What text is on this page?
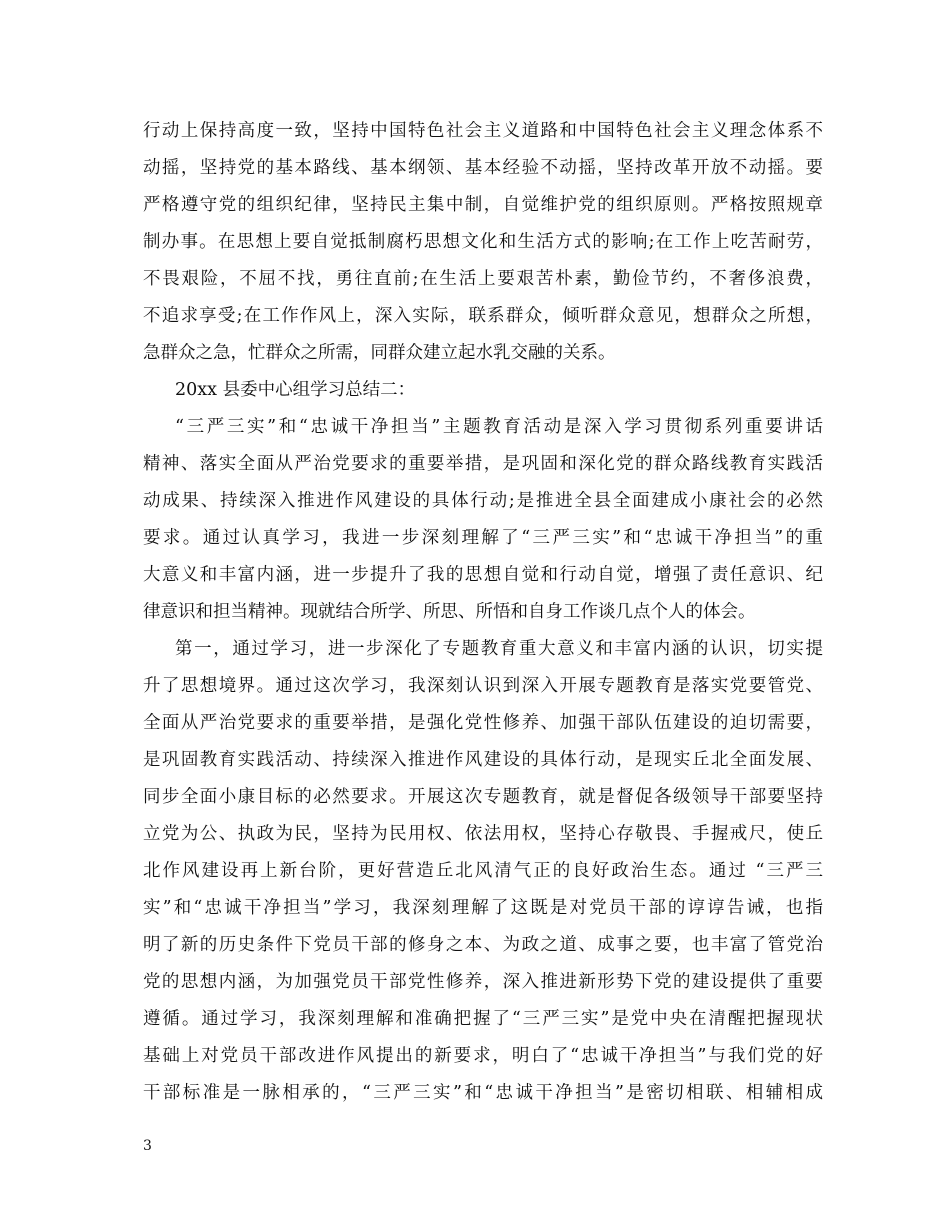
行动上保持高度一致，坚持中国特色社会主义道路和中国特色社会主义理念体系不
动摇，坚持党的基本路线、基本纲领、基本经验不动摇，坚持改革开放不动摇。要
严格遵守党的组织纪律，坚持民主集中制，自觉维护党的组织原则。严格按照规章
制办事。在思想上要自觉抵制腐朽思想文化和生活方式的影响;在工作上吃苦耐劳，
不畏艰险，不屈不找，勇往直前;在生活上要艰苦朴素，勤俭节约，不奢侈浪费，
不追求享受;在工作作风上，深入实际，联系群众，倾听群众意见，想群众之所想，
急群众之急，忙群众之所需，同群众建立起水乳交融的关系。
20xx 县委中心组学习总结二：
“三严三实”和“忠诚干净担当”主题教育活动是深入学习贯彻系列重要讲话
精神、落实全面从严治党要求的重要举措，是巩固和深化党的群众路线教育实践活
动成果、持续深入推进作风建设的具体行动;是推进全县全面建成小康社会的必然
要求。通过认真学习，我进一步深刻理解了“三严三实”和“忠诚干净担当”的重
大意义和丰富内涵，进一步提升了我的思想自觉和行动自觉，增强了责任意识、纪
律意识和担当精神。现就结合所学、所思、所悟和自身工作谈几点个人的体会。
第一，通过学习，进一步深化了专题教育重大意义和丰富内涵的认识，切实提
升了思想境界。通过这次学习，我深刻认识到深入开展专题教育是落实党要管党、
全面从严治党要求的重要举措，是强化党性修养、加强干部队伍建设的迫切需要，
是巩固教育实践活动、持续深入推进作风建设的具体行动，是现实丘北全面发展、
同步全面小康目标的必然要求。开展这次专题教育，就是督促各级领导干部要坚持
立党为公、执政为民，坚持为民用权、依法用权，坚持心存敬畏、手握戒尺，使丘
北作风建设再上新台阶，更好营造丘北风清气正的良好政治生态。通过 “三严三
实”和“忠诚干净担当”学习，我深刻理解了这既是对党员干部的谆谆告诫，也指
明了新的历史条件下党员干部的修身之本、为政之道、成事之要，也丰富了管党治
党的思想内涵，为加强党员干部党性修养，深入推进新形势下党的建设提供了重要
遵循。通过学习，我深刻理解和准确把握了“三严三实”是党中央在清醒把握现状
基础上对党员干部改进作风提出的新要求，明白了“忠诚干净担当”与我们党的好
干部标准是一脉相承的，“三严三实”和“忠诚干净担当”是密切相联、相辅相成
3
